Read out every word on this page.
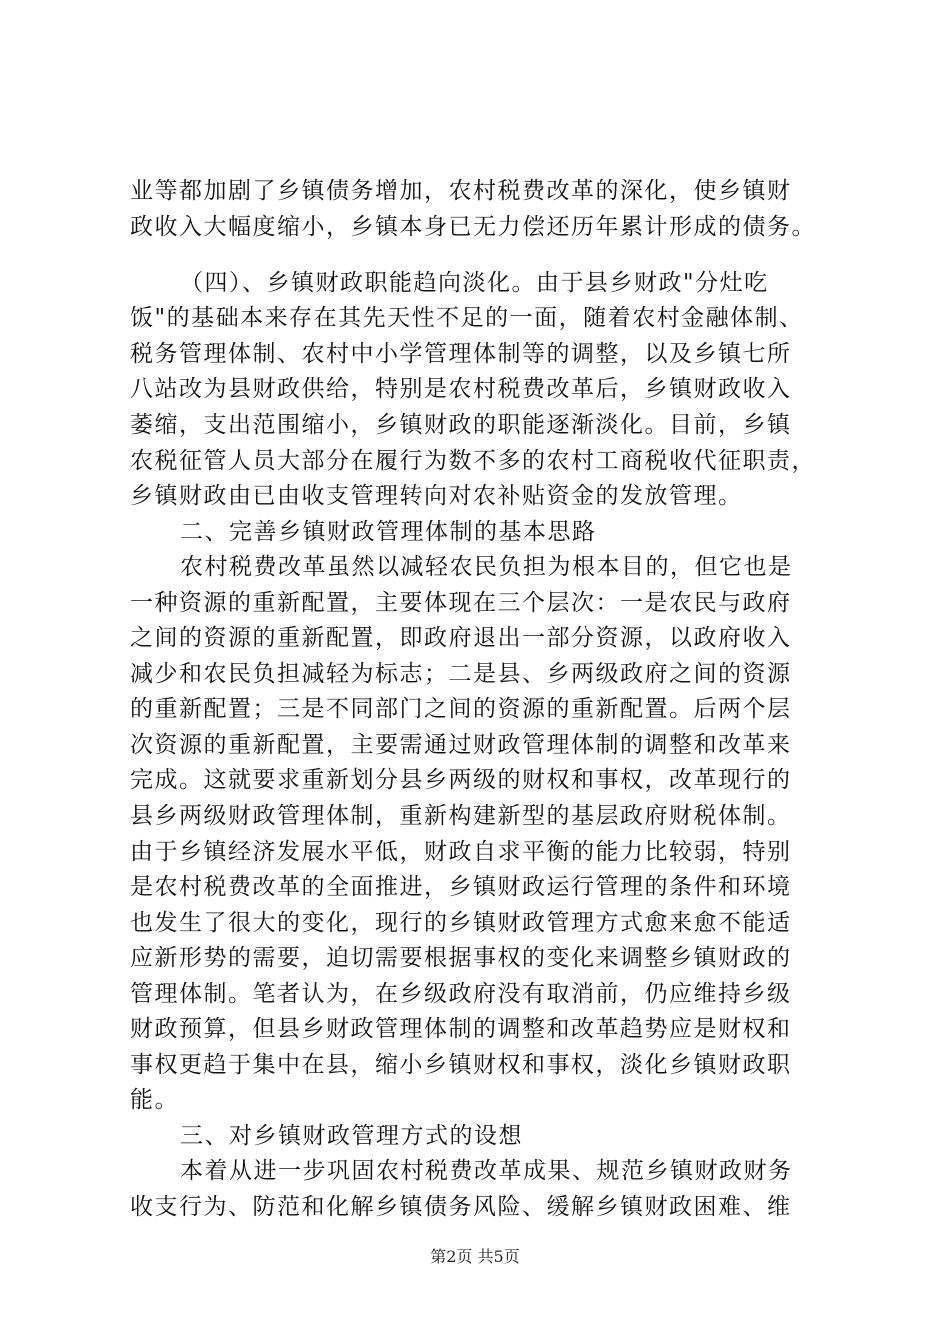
业等都加剧了乡镇债务增加，农村税费改革的深化，使乡镇财
政收入大幅度缩小，乡镇本身已无力偿还历年累计形成的债务。
（四）、乡镇财政职能趋向淡化。由于县乡财政"分灶吃
饭"的基础本来存在其先天性不足的一面，随着农村金融体制、
税务管理体制、农村中小学管理体制等的调整，以及乡镇七所
八站改为县财政供给，特别是农村税费改革后，乡镇财政收入
萎缩，支出范围缩小，乡镇财政的职能逐渐淡化。目前，乡镇
农税征管人员大部分在履行为数不多的农村工商税收代征职责，
乡镇财政由已由收支管理转向对农补贴资金的发放管理。
二、完善乡镇财政管理体制的基本思路
农村税费改革虽然以减轻农民负担为根本目的，但它也是
一种资源的重新配置，主要体现在三个层次：一是农民与政府
之间的资源的重新配置，即政府退出一部分资源，以政府收入
减少和农民负担减轻为标志；二是县、乡两级政府之间的资源
的重新配置；三是不同部门之间的资源的重新配置。后两个层
次资源的重新配置，主要需通过财政管理体制的调整和改革来
完成。这就要求重新划分县乡两级的财权和事权，改革现行的
县乡两级财政管理体制，重新构建新型的基层政府财税体制。
由于乡镇经济发展水平低，财政自求平衡的能力比较弱，特别
是农村税费改革的全面推进，乡镇财政运行管理的条件和环境
也发生了很大的变化，现行的乡镇财政管理方式愈来愈不能适
应新形势的需要，迫切需要根据事权的变化来调整乡镇财政的
管理体制。笔者认为，在乡级政府没有取消前，仍应维持乡级
财政预算，但县乡财政管理体制的调整和改革趋势应是财权和
事权更趋于集中在县，缩小乡镇财权和事权，淡化乡镇财政职
能。
三、对乡镇财政管理方式的设想
本着从进一步巩固农村税费改革成果、规范乡镇财政财务
收支行为、防范和化解乡镇债务风险、缓解乡镇财政困难、维
第2页 共5页
